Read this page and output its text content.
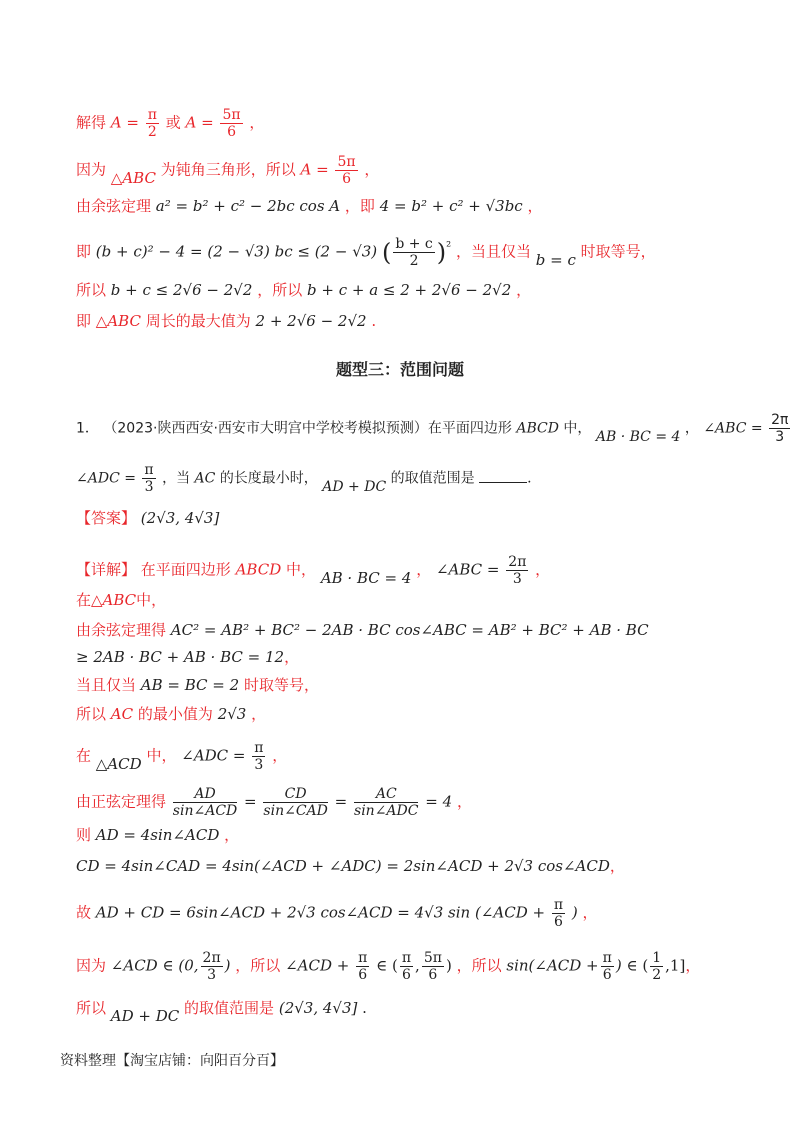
解得 $A = \frac{\pi}{2}$ 或 $A = \frac{5\pi}{6}$ ，
因为 △ABC 为钝角三角形，所以 $A = \frac{5\pi}{6}$ ，
由余弦定理 a² = b² + c² − 2bc cos A ，即 4 = b² + c² + √3bc ，
即 (b + c)² − 4 = (2 − √3) bc ≤ (2 − √3) ( $\frac{b + c}{2} )^{^2}$ ，当且仅当 b = c 时取等号，
所以 b + c ≤ 2√6 − 2√2 ，所以 b + c + a ≤ 2 + 2√6 − 2√2 ，
即 △ABC 周长的最大值为 2 + 2√6 − 2√2 .
题型三：范围问题
1． （2023·陕西西安·西安市大明宫中学校考模拟预测）在平面四边形 ABCD 中， AB · BC = 4 ， ∠ABC = $\frac{2\pi}{3}$
∠ADC = $\frac{\pi}{3}$ ，当 AC 的长度最小时， AD + DC 的取值范围是	.
【答案】 (2√3, 4√3]
【详解】 在平面四边形 ABCD 中， AB · BC = 4 ， ∠ABC = $\frac{2\pi}{3}$ ，
在△ABC中，
由余弦定理得 AC² = AB² + BC² − 2AB · BC cos∠ABC = AB² + BC² + AB · BC
≥ 2AB · BC + AB · BC = 12，
当且仅当 AB = BC = 2 时取等号，
所以 AC 的最小值为 2√3 ，
在 △ACD 中， ∠ADC = $\frac{\pi}{3}$ ，
由正弦定理得 $\frac{AD}{\text{sin∠ACD}} = \frac{CD}{\text{sin∠CAD}} = \frac{AC}{\text{sin∠ADC}} = 4$ ，
则 AD = 4sin∠ACD ，
CD = 4sin∠CAD = 4sin(∠ACD + ∠ADC) = 2sin∠ACD + 2√3 cos∠ACD，
故 AD + CD = 6sin∠ACD + 2√3 cos∠ACD = 4√3 sin (∠ACD + $\frac{\pi}{6}$ ) ，
因为 ∠ACD ∈ (0, $\frac{2\pi}{3}$ ) ，所以 ∠ACD + $\frac{\pi}{6}$ ∈ ( $\frac{\pi}{6}$ , $\frac{5\pi}{6}$ ) ，所以 sin(∠ACD + $\frac{\pi}{6}$ ) ∈ ( $\frac{1}{2} ,1$]，
所以 AD + DC 的取值范围是 (2√3, 4√3] .
资料整理【淘宝店铺：向阳百分百】
